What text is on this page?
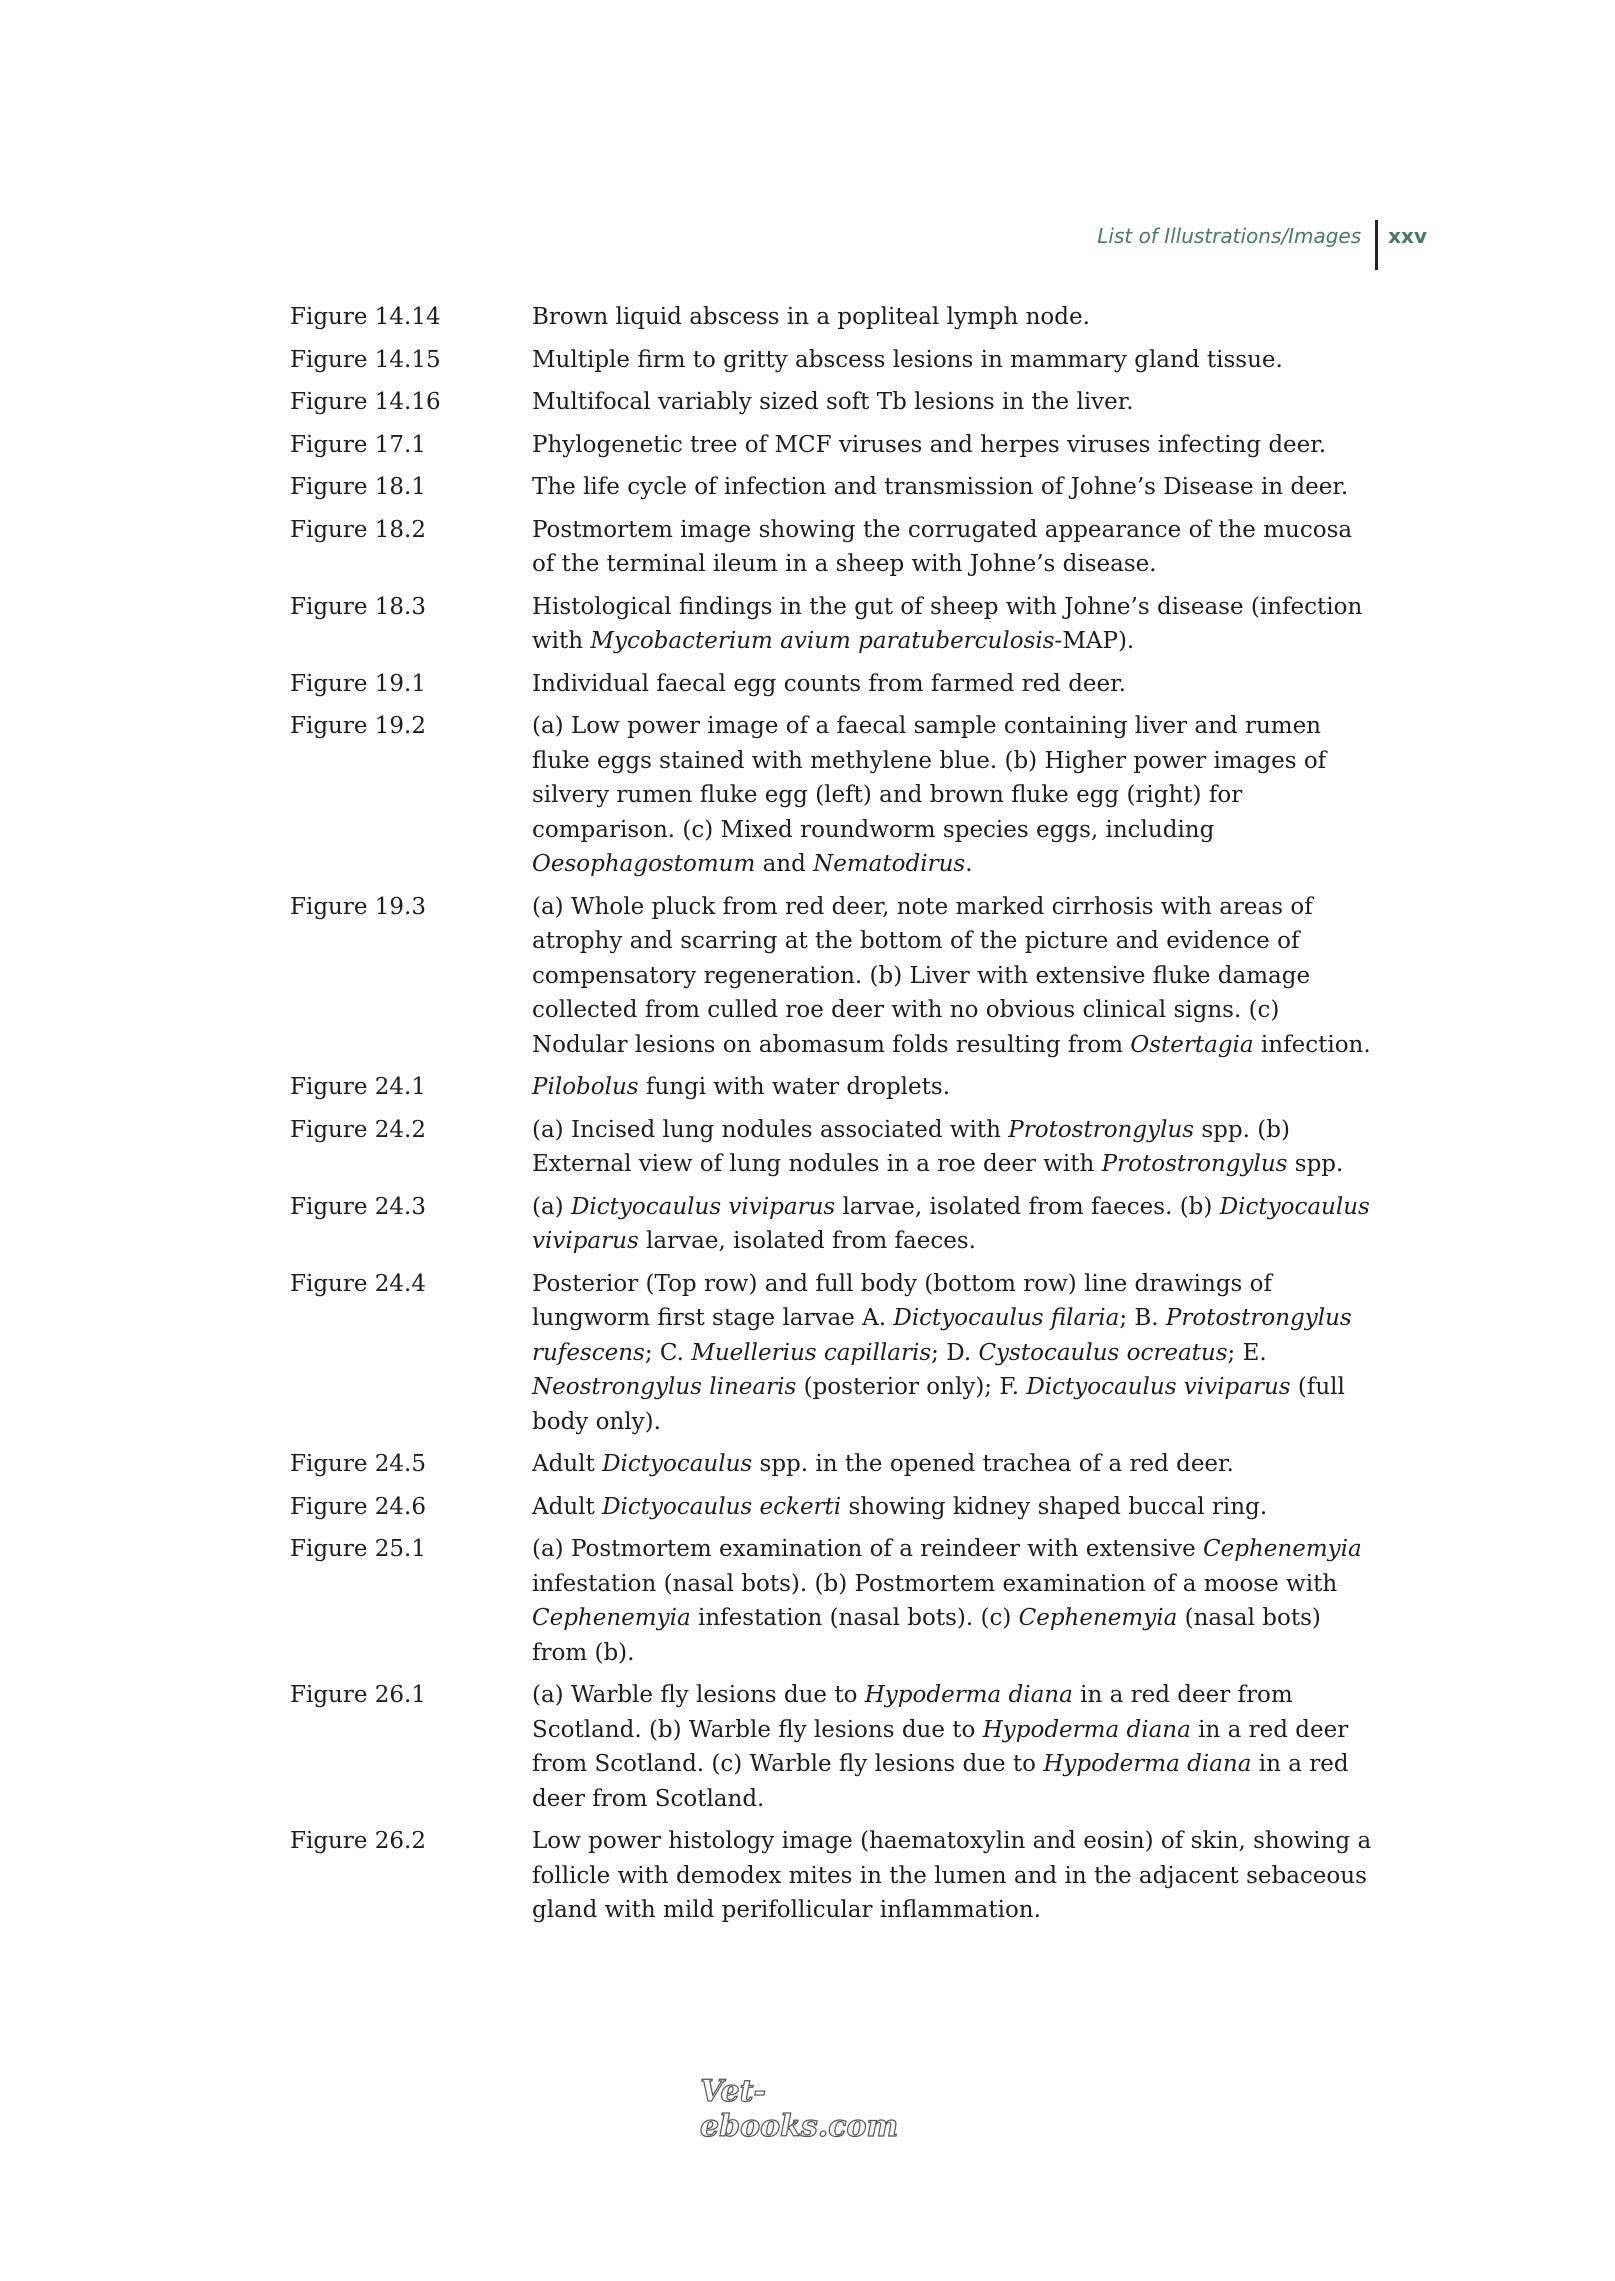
List of Illustrations/Images xxv
Figure 14.14	Brown liquid abscess in a popliteal lymph node.
Figure 14.15	Multiple firm to gritty abscess lesions in mammary gland tissue.
Figure 14.16	Multifocal variably sized soft Tb lesions in the liver.
Figure 17.1	Phylogenetic tree of MCF viruses and herpes viruses infecting deer.
Figure 18.1	The life cycle of infection and transmission of Johne’s Disease in deer.
Figure 18.2	Postmortem image showing the corrugated appearance of the mucosa of the terminal ileum in a sheep with Johne’s disease.
Figure 18.3	Histological findings in the gut of sheep with Johne’s disease (infection with Mycobacterium avium paratuberculosis-MAP).
Figure 19.1	Individual faecal egg counts from farmed red deer.
Figure 19.2	(a) Low power image of a faecal sample containing liver and rumen fluke eggs stained with methylene blue. (b) Higher power images of silvery rumen fluke egg (left) and brown fluke egg (right) for comparison. (c) Mixed roundworm species eggs, including Oesophagostomum and Nematodirus.
Figure 19.3	(a) Whole pluck from red deer, note marked cirrhosis with areas of atrophy and scarring at the bottom of the picture and evidence of compensatory regeneration. (b) Liver with extensive fluke damage collected from culled roe deer with no obvious clinical signs. (c) Nodular lesions on abomasum folds resulting from Ostertagia infection.
Figure 24.1	Pilobolus fungi with water droplets.
Figure 24.2	(a) Incised lung nodules associated with Protostrongylus spp. (b) External view of lung nodules in a roe deer with Protostrongylus spp.
Figure 24.3	(a) Dictyocaulus viviparus larvae, isolated from faeces. (b) Dictyocaulus viviparus larvae, isolated from faeces.
Figure 24.4	Posterior (Top row) and full body (bottom row) line drawings of lungworm first stage larvae A. Dictyocaulus filaria; B. Protostrongylus rufescens; C. Muellerius capillaris; D. Cystocaulus ocreatus; E. Neostrongylus linearis (posterior only); F. Dictyocaulus viviparus (full body only).
Figure 24.5	Adult Dictyocaulus spp. in the opened trachea of a red deer.
Figure 24.6	Adult Dictyocaulus eckerti showing kidney shaped buccal ring.
Figure 25.1	(a) Postmortem examination of a reindeer with extensive Cephenemyia infestation (nasal bots). (b) Postmortem examination of a moose with Cephenemyia infestation (nasal bots). (c) Cephenemyia (nasal bots) from (b).
Figure 26.1	(a) Warble fly lesions due to Hypoderma diana in a red deer from Scotland. (b) Warble fly lesions due to Hypoderma diana in a red deer from Scotland. (c) Warble fly lesions due to Hypoderma diana in a red deer from Scotland.
Figure 26.2	Low power histology image (haematoxylin and eosin) of skin, showing a follicle with demodex mites in the lumen and in the adjacent sebaceous gland with mild perifollicular inflammation.
Vet-ebooks.com
